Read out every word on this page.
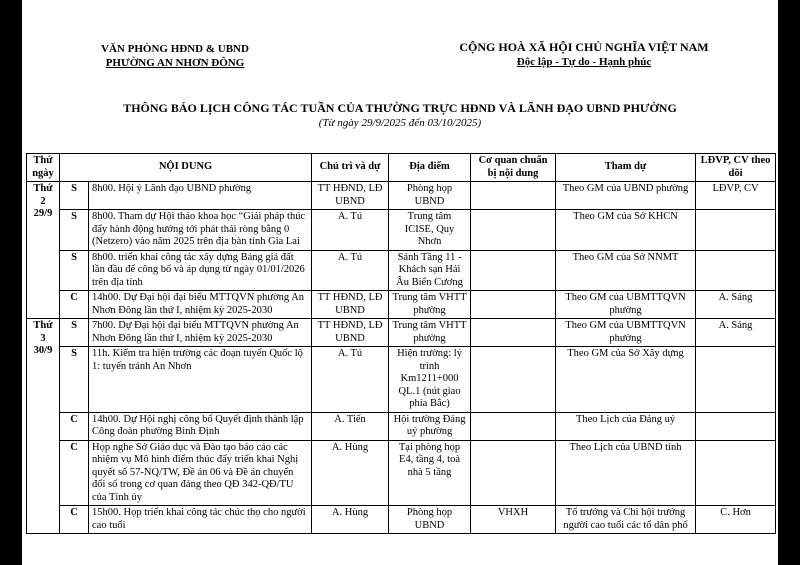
VĂN PHÒNG HĐND & UBND
PHƯỜNG AN NHƠN ĐÔNG
CỘNG HOÀ XÃ HỘI CHỦ NGHĨA VIỆT NAM
Độc lập - Tự do - Hạnh phúc
THÔNG BÁO LỊCH CÔNG TÁC TUẦN CỦA THƯỜNG TRỰC HĐND VÀ LÃNH ĐẠO UBND PHƯỜNG
(Từ ngày 29/9/2025 đến 03/10/2025)
Thứ ngày	NỘI DUNG		Chủ trì và dự	Địa điểm	Cơ quan chuẩn bị nội dung	Tham dự	LĐVP, CV theo dõi

Thứ 2
29/9	S	8h00. Hội ý Lãnh đạo UBND phường	TT HĐND, LĐ UBND	Phòng họp UBND		Theo GM của UBND phường	LĐVP, CV
	S	8h00. Tham dự Hội thảo khoa học “Giải pháp thúc đẩy hành động hướng tới phát thải ròng bằng 0 (Netzero) vào năm 2025 trên địa bàn tỉnh Gia Lai	A. Tú	Trung tâm ICISE, Quy Nhơn		Theo GM của Sở KHCN	
	S	8h00. triển khai công tác xây dựng Bảng giá đất lần đầu để công bố và áp dụng từ ngày 01/01/2026 trên địa tỉnh	A. Tú	Sảnh Tầng 11 - Khách sạn Hải Âu Biển Cương		Theo GM của Sở NNMT	
	C	14h00. Dự Đại hội đại biểu MTTQVN phường An Nhơn Đông lần thứ I, nhiệm kỳ 2025-2030	TT HĐND, LĐ UBND	Trung tâm VHTT phường		Theo GM của UBMTTQVN phường	A. Sáng

Thứ 3
30/9	S	7h00. Dự Đại hội đại biểu MTTQVN phường An Nhơn Đông lần thứ I, nhiệm kỳ 2025-2030	TT HĐND, LĐ UBND	Trung tâm VHTT phường		Theo GM của UBMTTQVN phường	A. Sáng
	S	11h. Kiểm tra hiện trường các đoạn tuyến Quốc lộ 1: tuyến tránh An Nhơn	A. Tú	Hiện trường: lý trình Km1211+000 QL.1 (nút giao phía Bắc)		Theo GM của Sở Xây dựng	
	C	14h00. Dự Hội nghị công bố Quyết định thành lập Công đoàn phường Bình Định	A. Tiến	Hội trường Đảng uỷ phường		Theo Lịch của Đảng uỷ	
	C	Họp nghe Sở Giáo dục và Đào tạo báo cáo các nhiệm vụ Mô hình điểm thúc đẩy triển khai Nghị quyết số 57-NQ/TW, Đề án 06 và Đề án chuyển đổi số trong cơ quan đảng theo QĐ 342-QĐ/TU của Tỉnh ủy	A. Hùng	Tại phòng họp E4, tầng 4, toà nhà 5 tầng		Theo Lịch của UBND tỉnh	
	C	15h00. Họp triển khai công tác chúc thọ cho người cao tuổi	A. Hùng	Phòng họp UBND	VHXH	Tổ trưởng và Chi hội trưởng người cao tuổi các tổ dân phố	C. Hơn
